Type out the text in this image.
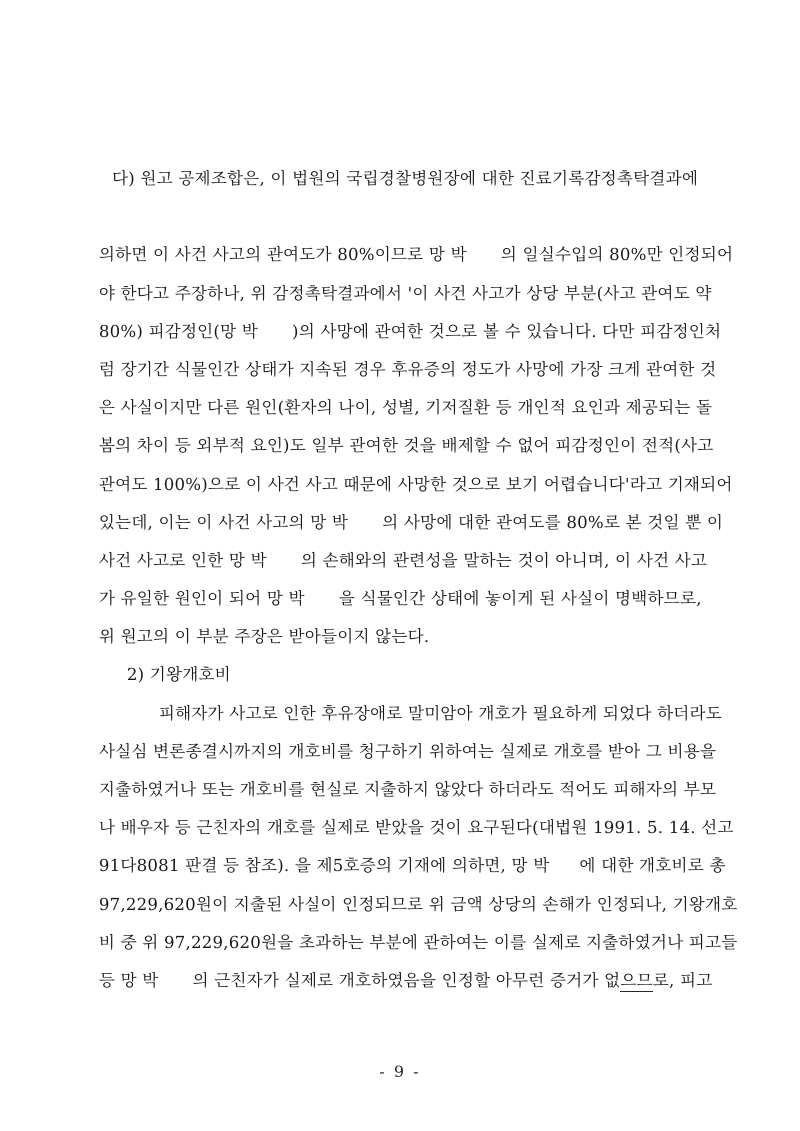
다) 원고 공제조합은, 이 법원의 국립경찰병원장에 대한 진료기록감정촉탁결과에

의하면 이 사건 사고의 관여도가 80%이므로 망 박 의 일실수입의 80%만 인정되어

야 한다고 주장하나, 위 감정촉탁결과에서 '이 사건 사고가 상당 부분(사고 관여도 약

80%) 피감정인(망 박 )의 사망에 관여한 것으로 볼 수 있습니다. 다만 피감정인처

럼 장기간 식물인간 상태가 지속된 경우 후유증의 정도가 사망에 가장 크게 관여한 것

은 사실이지만 다른 원인(환자의 나이, 성별, 기저질환 등 개인적 요인과 제공되는 돌

봄의 차이 등 외부적 요인)도 일부 관여한 것을 배제할 수 없어 피감정인이 전적(사고

관여도 100%)으로 이 사건 사고 때문에 사망한 것으로 보기 어렵습니다'라고 기재되어

있는데, 이는 이 사건 사고의 망 박 의 사망에 대한 관여도를 80%로 본 것일 뿐 이

사건 사고로 인한 망 박 의 손해와의 관련성을 말하는 것이 아니며, 이 사건 사고

가 유일한 원인이 되어 망 박 을 식물인간 상태에 놓이게 된 사실이 명백하므로,

위 원고의 이 부분 주장은 받아들이지 않는다.

2) 기왕개호비

피해자가 사고로 인한 후유장애로 말미암아 개호가 필요하게 되었다 하더라도

사실심 변론종결시까지의 개호비를 청구하기 위하여는 실제로 개호를 받아 그 비용을

지출하였거나 또는 개호비를 현실로 지출하지 않았다 하더라도 적어도 피해자의 부모

나 배우자 등 근친자의 개호를 실제로 받았을 것이 요구된다(대법원 1991. 5. 14. 선고

91다8081 판결 등 참조). 을 제5호증의 기재에 의하면, 망 박 에 대한 개호비로 총

97,229,620원이 지출된 사실이 인정되므로 위 금액 상당의 손해가 인정되나, 기왕개호

비 중 위 97,229,620원을 초과하는 부분에 관하여는 이를 실제로 지출하였거나 피고들

등 망 박 의 근친자가 실제로 개호하였음을 인정할 아무런 증거가 없으므로, 피고

- 9 -
